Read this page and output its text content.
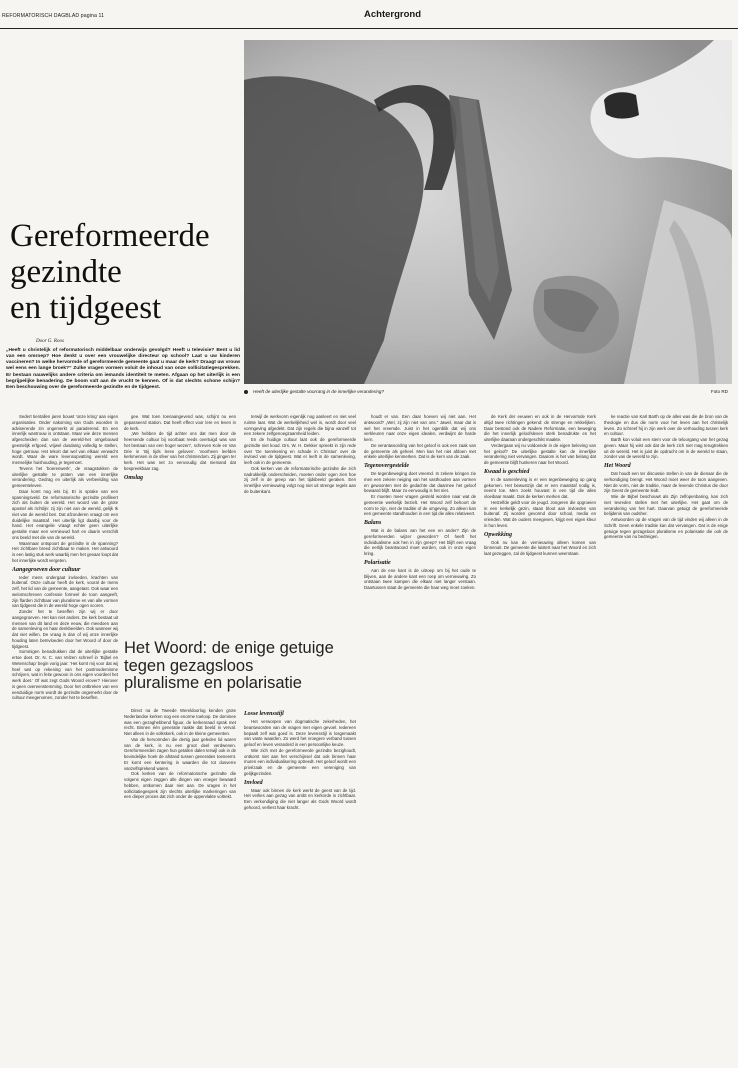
REFORMATORISCH DAGBLAD pagina 11	Achtergrond
Heeft de uiterlijke gestalte voorrang in de innerlijke verandering?	Foto RD
Gereformeerde
gezindte
en tijdgeest
Door G. Roos
„Heeft u christelijk of reformatorisch middelbaar onderwijs gevolgd? Heeft u televisie? Bent u lid van een omroep? Hoe denkt u over een vrouwelijke directeur op school? Laat u uw kinderen vaccineren? In welke hervormde of gereformeerde gemeente gaat u maar de kerk? Draagt uw vrouw wel eens een lange broek?” Zulke vragen vormen voluit de inhoud van onze sollicitatiegesprekken. Er bestaan nauwelijks andere criteria om iemands identiteit te meten. Afgaan op het uiterlijk is een begrijpelijke benadering. De boom valt aan de vrucht te kennen. Of is dat slechts schone schijn? Een beschouwing over de gereformeerde gezindte en de tijdgeest.
Het Woord: de enige getuige
tegen gezagsloos
pluralisme en polarisatie

Sedert tientallen jaren bouwt ’onze kring’ aan eigen organisaties. Onder nakoming van Gods woorden in adviserende zin ongemerkt al paraderend. En een innerlijk wantrouw is ontstaan. Maar wie deze mensen afgescheiden dan van de wereld-het omgebouwd geestelijk erfgoed, vrijwel dusdanig volledig te stellen, hoge getrouw. Het tekort dat wel van elkaar verwacht wordt. Waar de ware levensopvatting wereld een menselijke huishouding, je tegemoet.

Tevens het ’boerenwerk’, de vraagstukken de uiterlijke gestalte te praten van een innerlijke verandering. Gedrag en uiterlijk als verbeelding van gemeenteleven.

Daar komt nog iets bij. Er is sprake van een spanningsveld. De reformatorische gezindte profileert zich als buiten de wereld. Het woord van de grote apostel als richtlijn: zij zijn niet van de wereld, gelijk Ik niet van de wereld ben. Dat afzonderen vraagt om een duidelijke maatstaf. Het uiterlijk ligt daarbij voor de hand. Het evangelie vraagt echter geen uiterlijke gestalte maar een vernieuwd hart en daarin verschilt ons beeld met die van de wereld.

Waarmaar ontspoort de gezindte in de spanning? Het zichtbare breed zichtbaar te maken. Het antwoord is een lastig stuk werk waarbij men het gevaar loopt dat het innerlijke wordt vergeten.

Aangegroeven door cultuur

Ieder mens ondergaat invloeden, krachten van buitenaf. Onze cultuur heeft de kerk, vooral de mens zelf, het lid van de gemeente, aangetast. Ook waar een welomschreven confessie formeel de toon aangeeft, zijn flarden zichtbaar van pluralisme en van alle vormen van tijdgeest die in de wereld hoge ogen scoren.

Zonder het te beseffen zijn wij er door aangegroeven. Het kan niet anders. De kerk bestaat uit mensen van dit land en deze eeuw, die meedoen aan de samenleving en haar denkbeelden. Ook wanneer wij dat niet willen. De vraag is dan of wij onze innerlijke houding laten beïnvloeden door het Woord of door de tijdgeest.

Sommigen benadrukken dat de uiterlijke gestalte ertoe doet. Dr. N. C. van Velzen schreef in ’Bijbel en Wetenschap’ begin vorig jaar: ’Het komt mij voor dat wij heel wat op rekening van het postmodernisme schrijven, wat in feite gewoon in ons eigen voordeel het werk doet.’ Of wat zegt Gods Woord erover? Hierover is geen overeenstemming. Door het ontbreken van een eenduidige norm wordt de gezindte ongemerkt door de cultuur meegenomen, zonder het te beseffen.

gee. Wat toen toenaangevend was, schijnt nu een gepasseerd station. Dat heeft effect voor lere en leven in de kerk.

„We hebben de tijd achter ons dat men door de heersende cultuur bij voorbaat reeds overtuigd was van het bestaan van een hoger wezen”, schreven Kole en Van Drie in ’Bij tijds leren geloven’. Voorheen leefden kerkmensen in de sfeer van het christendom. Zij gingen ter kerk. Het was net zo eenvoudig dat niemand dat bespreekbaar zag.

Omslag

terwijl de werkvorm eigenlijk nog aanleert en niet veel ruimte laat. Wat de werkelijkheid wel is, wordt door veel vormgeving afgedekt. Dat zijn regels die bijna vanzelf tot een zekere zelfgenoegzaamheid leiden.

En de huidige cultuur laat ook de gereformeerde gezindte niet koud. Drs. W. H. Dekker spreekt in zijn rede over ’De toerekening en schade in Christus’ over de invloed van de tijdgeest. Wat er leeft in de samenleving, leeft ook in de gemeente.

Ook kerken van de reformatorische gezindte die zich nadrukkelijk onderscheiden, moeten onder ogen zien hoe zij zelf in de greep van het tijdsbeeld geraken. Een innerlijke vernieuwing volgt nog niet uit strenge regels aan de buitenkant.

houdt er van. Een daar hoeven wij niet aan. Het antwoord? „Wel, zij zijn niet van ons.” Jawel, maar dat is wel het vreemde. Juist in het ogenblik dat wij ons verkleuren naar onze eigen idealen, verdwijnt de harde kern.

De verantwoording van het geloof is ook een zaak van de gemeente als geheel. Men kan het niet afdoen met enkele uiterlijke kenmerken. Dat is de kern van de zaak.

Tegenovergestelde

De tegenbeweging doet vreemd. In zekere kringen zie men een zekere neiging van het vasthouden aan vormen en gewoonten met de gedachte dat daarmee het geloof bewaard blijft. Maar zo eenvoudig is het niet.

Er moeten meer vragen gesteld worden naar wat de gemeente werkelijk bezielt. Het Woord zelf behoort de norm te zijn, niet de traditie of de omgeving. Zo alleen kan een gemeente standhouden in een tijd die alles relativeert.

Balans

Wat is de balans van het een en ander? Zijn de gereformeerden wijzer geworden? Of heeft het individualisme ook hen in zijn greep? Het blijft een vraag die eerlijk beantwoord moet worden, ook in onze eigen kring.

Polarisatie

Aan de ene kant is de uitroep om bij het oude te blijven, aan de andere kant een roep om vernieuwing. Zo ontstaan twee kampen die elkaar niet langer verstaan. Daartussen staat de gemeente die haar weg moet zoeken.

de Kerk der eeuwen en ook in de Hervormde Kerk altijd twee richtingen gekend: de strenge en rekkelijken. Daar bestond ook de Nadere Reformatie, een beweging die het innerlijk geloofsleven sterk benadrukte en het uiterlijke daaraan ondergeschikt maakte.

Verdergaan wij nu voldoende in de eigen beleving van het geloof? De uiterlijke gestalte kan de innerlijke verandering niet vervangen. Daarom is het van belang dat de gemeente blijft hunkeren naar het Woord.

Kwaad is geschied

In de samenleving is er een tegenbeweging op gang gekomen. Het bewustzijn dat er een maatstaf nodig is, neemt toe. Men zoekt houvast in een tijd die alles vloeibaar maakt. Ook de kerken merken dat.

Hetzelfde geldt voor de jeugd. Jongeren die opgroeien in een kerkelijk gezin, staan bloot aan invloeden van buitenaf. Zij worden gevormd door school, media en vrienden. Wat de ouders meegeven, krijgt een eigen kleur in hun leven.

Opwekking

Ook nu kan de vernieuwing alleen komen van binnenuit. De gemeente die luistert naar het Woord en zich laat gezeggen, zal de tijdgeest kunnen weerstaan.

ke reactie van Karl Barth op de alles was die de bron van de theologie en dus die norm voor het leven aan het christelijk leven. Zo schreef hij in zijn werk over de verhouding tussen kerk en cultuur.

Barth kon voluit een stem voor de teloorgang van het gezag geven. Maar hij wist ook dat de kerk zich niet mag terugtrekken uit de wereld. Het is juist de opdracht om in de wereld te staan, zonder van de wereld te zijn.

Het Woord

Dat houdt een ter discussie stellen in van de dienaar die de verkondiging brengt. Het Woord moet weer de toon aangeven. Niet de vorm, niet de traditie, maar de levende Christus die door zijn Geest de gemeente leidt.

Wie de Bijbel beschouwt als Zijn zelfopenbaring, kan zich niet tevreden stellen met het uiterlijke. Het gaat om de verandering van het hart. Daarvan getuigt de gereformeerde belijdenis van oudsher.

Antwoorden op de vragen van de tijd vinden wij alleen in de Schrift. Geen enkele traditie kan dat vervangen. Dat is de enige getuige tegen gezagsloos pluralisme en polarisatie die ook de gemeente van nu bedreigen.

Direct na de Tweede Wereldoorlog kenden grote Nederlandse kerken nog een enorme toeloop. De dominee was een gezaghebbend figuur, de kerkenraad sprak met recht. Binnen één generatie raakte dat beeld in verval. Niet alleen in de volkskerk, ook in de kleine gemeenten.

Van de hervormden die dertig jaar geleden lid waren van de kerk, is nu een groot deel verdwenen. Gereformeerden zagen hun getallen dalen terwijl ook in de bevindelijke hoek de afstand tussen generaties toeneemt. Er komt een kentering in waarden die tot dusverre vanzelfsprekend waren.

Ook kerken van de reformatorische gezindte die volgens eigen zeggen alle dingen van vroeger bewaard hebben, ontkomen daar niet aan. De vragen in het sollicitatiegesprek zijn slechts uiterlijke markeringen van een dieper proces dat zich onder de oppervlakte voltrekt.

Losse levensstijl

Het verworpen van dogmatische zekerheden, het beantwoorden van de vragen met eigen gevoel. Iedereen bepaalt zelf wat goed is. Deze levensstijl is losgemaakt van vaste waarden. Zo werd het vroegere verband tussen geloof en leven veranderd in een persoonlijke keuze.

Wie zich met de gereformeerde gezindte bezighoudt, ontkomt niet aan het verschijnsel dat ook binnen haar muren een individualisering optreedt. Het geloof wordt een privézaak en de gemeente een vereniging van gelijkgezinden.

Invloed

Maar ook binnen de kerk werkt de geest van de tijd. Het verlies aan gezag van ambt en kerkorde is zichtbaar. Een verkondiging die niet langer als Gods Woord wordt gehoord, verliest haar kracht.
